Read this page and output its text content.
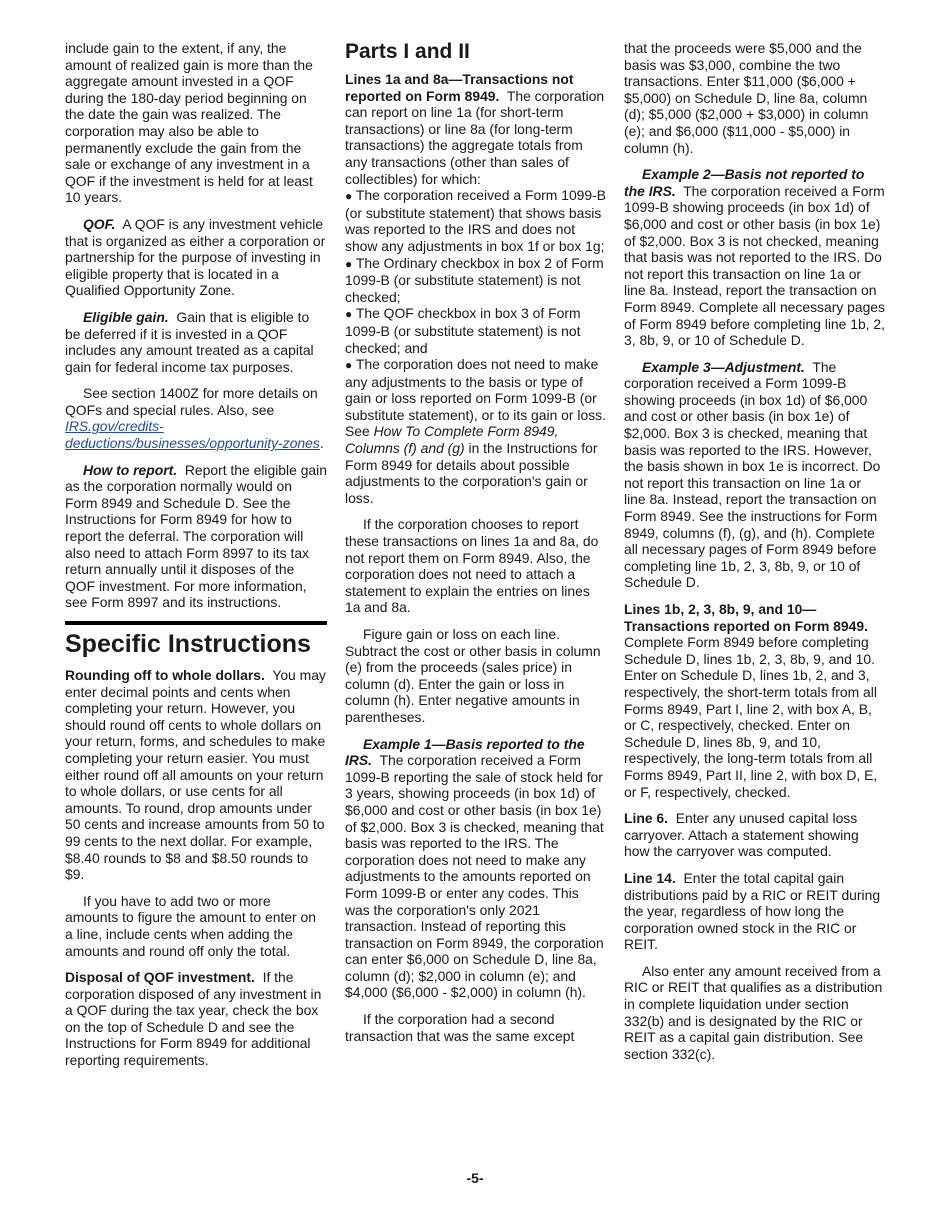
include gain to the extent, if any, the amount of realized gain is more than the aggregate amount invested in a QOF during the 180-day period beginning on the date the gain was realized. The corporation may also be able to permanently exclude the gain from the sale or exchange of any investment in a QOF if the investment is held for at least 10 years.

QOF. A QOF is any investment vehicle that is organized as either a corporation or partnership for the purpose of investing in eligible property that is located in a Qualified Opportunity Zone.

Eligible gain. Gain that is eligible to be deferred if it is invested in a QOF includes any amount treated as a capital gain for federal income tax purposes.

See section 1400Z for more details on QOFs and special rules. Also, see IRS.gov/credits-deductions/businesses/opportunity-zones.

How to report. Report the eligible gain as the corporation normally would on Form 8949 and Schedule D. See the Instructions for Form 8949 for how to report the deferral. The corporation will also need to attach Form 8997 to its tax return annually until it disposes of the QOF investment. For more information, see Form 8997 and its instructions.

Specific Instructions

Rounding off to whole dollars. You may enter decimal points and cents when completing your return. However, you should round off cents to whole dollars on your return, forms, and schedules to make completing your return easier. You must either round off all amounts on your return to whole dollars, or use cents for all amounts. To round, drop amounts under 50 cents and increase amounts from 50 to 99 cents to the next dollar. For example, $8.40 rounds to $8 and $8.50 rounds to $9.

If you have to add two or more amounts to figure the amount to enter on a line, include cents when adding the amounts and round off only the total.

Disposal of QOF investment. If the corporation disposed of any investment in a QOF during the tax year, check the box on the top of Schedule D and see the Instructions for Form 8949 for additional reporting requirements.

Parts I and II

Lines 1a and 8a—Transactions not reported on Form 8949. The corporation can report on line 1a (for short-term transactions) or line 8a (for long-term transactions) the aggregate totals from any transactions (other than sales of collectibles) for which:

● The corporation received a Form 1099-B (or substitute statement) that shows basis was reported to the IRS and does not show any adjustments in box 1f or box 1g;

● The Ordinary checkbox in box 2 of Form 1099-B (or substitute statement) is not checked;

● The QOF checkbox in box 3 of Form 1099-B (or substitute statement) is not checked; and

● The corporation does not need to make any adjustments to the basis or type of gain or loss reported on Form 1099-B (or substitute statement), or to its gain or loss.

See How To Complete Form 8949, Columns (f) and (g) in the Instructions for Form 8949 for details about possible adjustments to the corporation's gain or loss.

If the corporation chooses to report these transactions on lines 1a and 8a, do not report them on Form 8949. Also, the corporation does not need to attach a statement to explain the entries on lines 1a and 8a.

Figure gain or loss on each line. Subtract the cost or other basis in column (e) from the proceeds (sales price) in column (d). Enter the gain or loss in column (h). Enter negative amounts in parentheses.

Example 1—Basis reported to the IRS. The corporation received a Form 1099-B reporting the sale of stock held for 3 years, showing proceeds (in box 1d) of $6,000 and cost or other basis (in box 1e) of $2,000. Box 3 is checked, meaning that basis was reported to the IRS. The corporation does not need to make any adjustments to the amounts reported on Form 1099-B or enter any codes. This was the corporation's only 2021 transaction. Instead of reporting this transaction on Form 8949, the corporation can enter $6,000 on Schedule D, line 8a, column (d); $2,000 in column (e); and $4,000 ($6,000 - $2,000) in column (h).

If the corporation had a second transaction that was the same except

that the proceeds were $5,000 and the basis was $3,000, combine the two transactions. Enter $11,000 ($6,000 + $5,000) on Schedule D, line 8a, column (d); $5,000 ($2,000 + $3,000) in column (e); and $6,000 ($11,000 - $5,000) in column (h).

Example 2—Basis not reported to the IRS. The corporation received a Form 1099-B showing proceeds (in box 1d) of $6,000 and cost or other basis (in box 1e) of $2,000. Box 3 is not checked, meaning that basis was not reported to the IRS. Do not report this transaction on line 1a or line 8a. Instead, report the transaction on Form 8949. Complete all necessary pages of Form 8949 before completing line 1b, 2, 3, 8b, 9, or 10 of Schedule D.

Example 3—Adjustment. The corporation received a Form 1099-B showing proceeds (in box 1d) of $6,000 and cost or other basis (in box 1e) of $2,000. Box 3 is checked, meaning that basis was reported to the IRS. However, the basis shown in box 1e is incorrect. Do not report this transaction on line 1a or line 8a. Instead, report the transaction on Form 8949. See the instructions for Form 8949, columns (f), (g), and (h). Complete all necessary pages of Form 8949 before completing line 1b, 2, 3, 8b, 9, or 10 of Schedule D.

Lines 1b, 2, 3, 8b, 9, and 10—Transactions reported on Form 8949. Complete Form 8949 before completing Schedule D, lines 1b, 2, 3, 8b, 9, and 10. Enter on Schedule D, lines 1b, 2, and 3, respectively, the short-term totals from all Forms 8949, Part I, line 2, with box A, B, or C, respectively, checked. Enter on Schedule D, lines 8b, 9, and 10, respectively, the long-term totals from all Forms 8949, Part II, line 2, with box D, E, or F, respectively, checked.

Line 6. Enter any unused capital loss carryover. Attach a statement showing how the carryover was computed.

Line 14. Enter the total capital gain distributions paid by a RIC or REIT during the year, regardless of how long the corporation owned stock in the RIC or REIT.

Also enter any amount received from a RIC or REIT that qualifies as a distribution in complete liquidation under section 332(b) and is designated by the RIC or REIT as a capital gain distribution. See section 332(c).

-5-
